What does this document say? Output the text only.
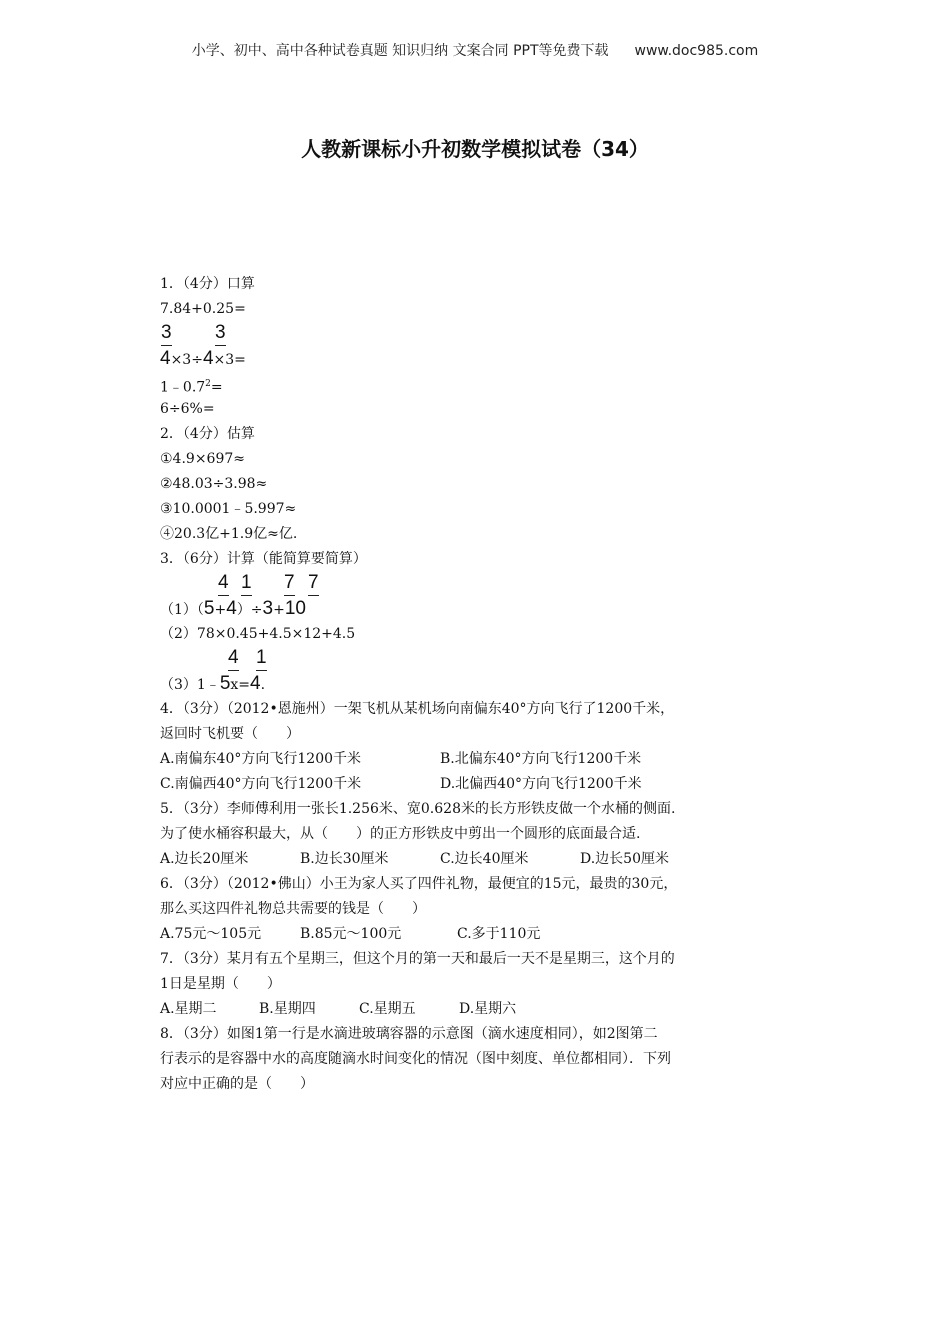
小学、初中、高中各种试卷真题 知识归纳 文案合同 PPT等免费下载 www.doc985.com
人教新课标小升初数学模拟试卷（34）
1．（4分）口算
7.84+0.25=
3 3
4×3÷4×3=
$1﹣0.7^2=$
6÷6%=
2．（4分）估算
①4.9×697≈
②48.03÷3.98≈
③10.0001﹣5.997≈
④20.3亿+1.9亿≈亿.
3．（6分）计算（能简算要简算）
4 1 7 7
（1）（5+4）÷3+10
（2）78×0.45+4.5×12+4.5
4 1
（3）1﹣5x=4.
4．（3分）（2012•恩施州）一架飞机从某机场向南偏东40°方向飞行了1200千米，
返回时飞机要（　　）
A.南偏东40°方向飞行1200千米	B.北偏东40°方向飞行1200千米
C.南偏西40°方向飞行1200千米	D.北偏西40°方向飞行1200千米
5．（3分）李师傅利用一张长1.256米、宽0.628米的长方形铁皮做一个水桶的侧面.
为了使水桶容积最大，从（　　）的正方形铁皮中剪出一个圆形的底面最合适.
A.边长20厘米	B.边长30厘米	C.边长40厘米	D.边长50厘米
6．（3分）（2012•佛山）小王为家人买了四件礼物，最便宜的15元，最贵的30元，
那么买这四件礼物总共需要的钱是（　　）
A.75元～105元	B.85元～100元	C.多于110元
7．（3分）某月有五个星期三，但这个月的第一天和最后一天不是星期三，这个月的
1日是星期（　　）
A.星期二	B.星期四	C.星期五	D.星期六
8．（3分）如图1第一行是水滴进玻璃容器的示意图（滴水速度相同），如2图第二
行表示的是容器中水的高度随滴水时间变化的情况（图中刻度、单位都相同）．下列
对应中正确的是（　　）
